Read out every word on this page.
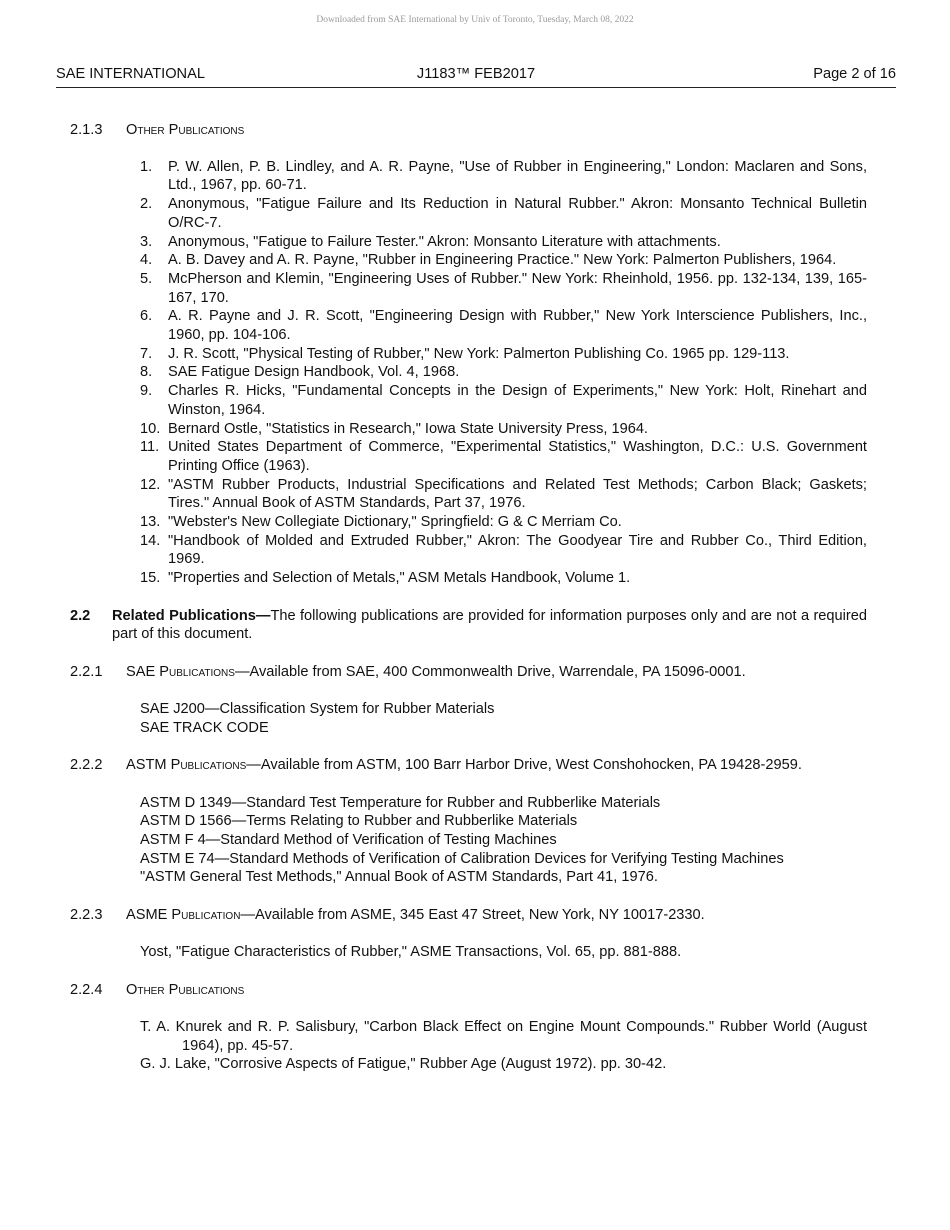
Downloaded from SAE International by Univ of Toronto, Tuesday, March 08, 2022
J1183™ FEB2017
SAE INTERNATIONAL	Page 2 of 16
2.1.3 Other Publications
1.	P. W. Allen, P. B. Lindley, and A. R. Payne, "Use of Rubber in Engineering," London: Maclaren and Sons, Ltd., 1967, pp. 60-71.
2.	Anonymous, "Fatigue Failure and Its Reduction in Natural Rubber." Akron: Monsanto Technical Bulletin O/RC-7.
3.	Anonymous, "Fatigue to Failure Tester." Akron: Monsanto Literature with attachments.
4.	A. B. Davey and A. R. Payne, "Rubber in Engineering Practice." New York: Palmerton Publishers, 1964.
5.	McPherson and Klemin, "Engineering Uses of Rubber." New York: Rheinhold, 1956. pp. 132-134, 139, 165-167, 170.
6.	A. R. Payne and J. R. Scott, "Engineering Design with Rubber," New York Interscience Publishers, Inc., 1960, pp. 104-106.
7.	J. R. Scott, "Physical Testing of Rubber," New York: Palmerton Publishing Co. 1965 pp. 129-113.
8.	SAE Fatigue Design Handbook, Vol. 4, 1968.
9.	Charles R. Hicks, "Fundamental Concepts in the Design of Experiments," New York: Holt, Rinehart and Winston, 1964.
10. Bernard Ostle, "Statistics in Research," Iowa State University Press, 1964.
11. United States Department of Commerce, "Experimental Statistics," Washington, D.C.: U.S. Government Printing Office (1963).
12. "ASTM Rubber Products, Industrial Specifications and Related Test Methods; Carbon Black; Gaskets; Tires." Annual Book of ASTM Standards, Part 37, 1976.
13. "Webster's New Collegiate Dictionary," Springfield: G & C Merriam Co.
14. "Handbook of Molded and Extruded Rubber," Akron: The Goodyear Tire and Rubber Co., Third Edition, 1969.
15. "Properties and Selection of Metals," ASM Metals Handbook, Volume 1.
2.2 Related Publications—The following publications are provided for information purposes only and are not a required part of this document.
2.2.1 SAE Publications—Available from SAE, 400 Commonwealth Drive, Warrendale, PA 15096-0001.
SAE J200—Classification System for Rubber Materials
SAE TRACK CODE
2.2.2 ASTM Publications—Available from ASTM, 100 Barr Harbor Drive, West Conshohocken, PA 19428-2959.
ASTM D 1349—Standard Test Temperature for Rubber and Rubberlike Materials
ASTM D 1566—Terms Relating to Rubber and Rubberlike Materials
ASTM F 4—Standard Method of Verification of Testing Machines
ASTM E 74—Standard Methods of Verification of Calibration Devices for Verifying Testing Machines
"ASTM General Test Methods," Annual Book of ASTM Standards, Part 41, 1976.
2.2.3 ASME Publication—Available from ASME, 345 East 47 Street, New York, NY 10017-2330.
Yost, "Fatigue Characteristics of Rubber," ASME Transactions, Vol. 65, pp. 881-888.
2.2.4 Other Publications
T. A. Knurek and R. P. Salisbury, "Carbon Black Effect on Engine Mount Compounds." Rubber World (August 1964), pp. 45-57.
G. J. Lake, "Corrosive Aspects of Fatigue," Rubber Age (August 1972). pp. 30-42.
